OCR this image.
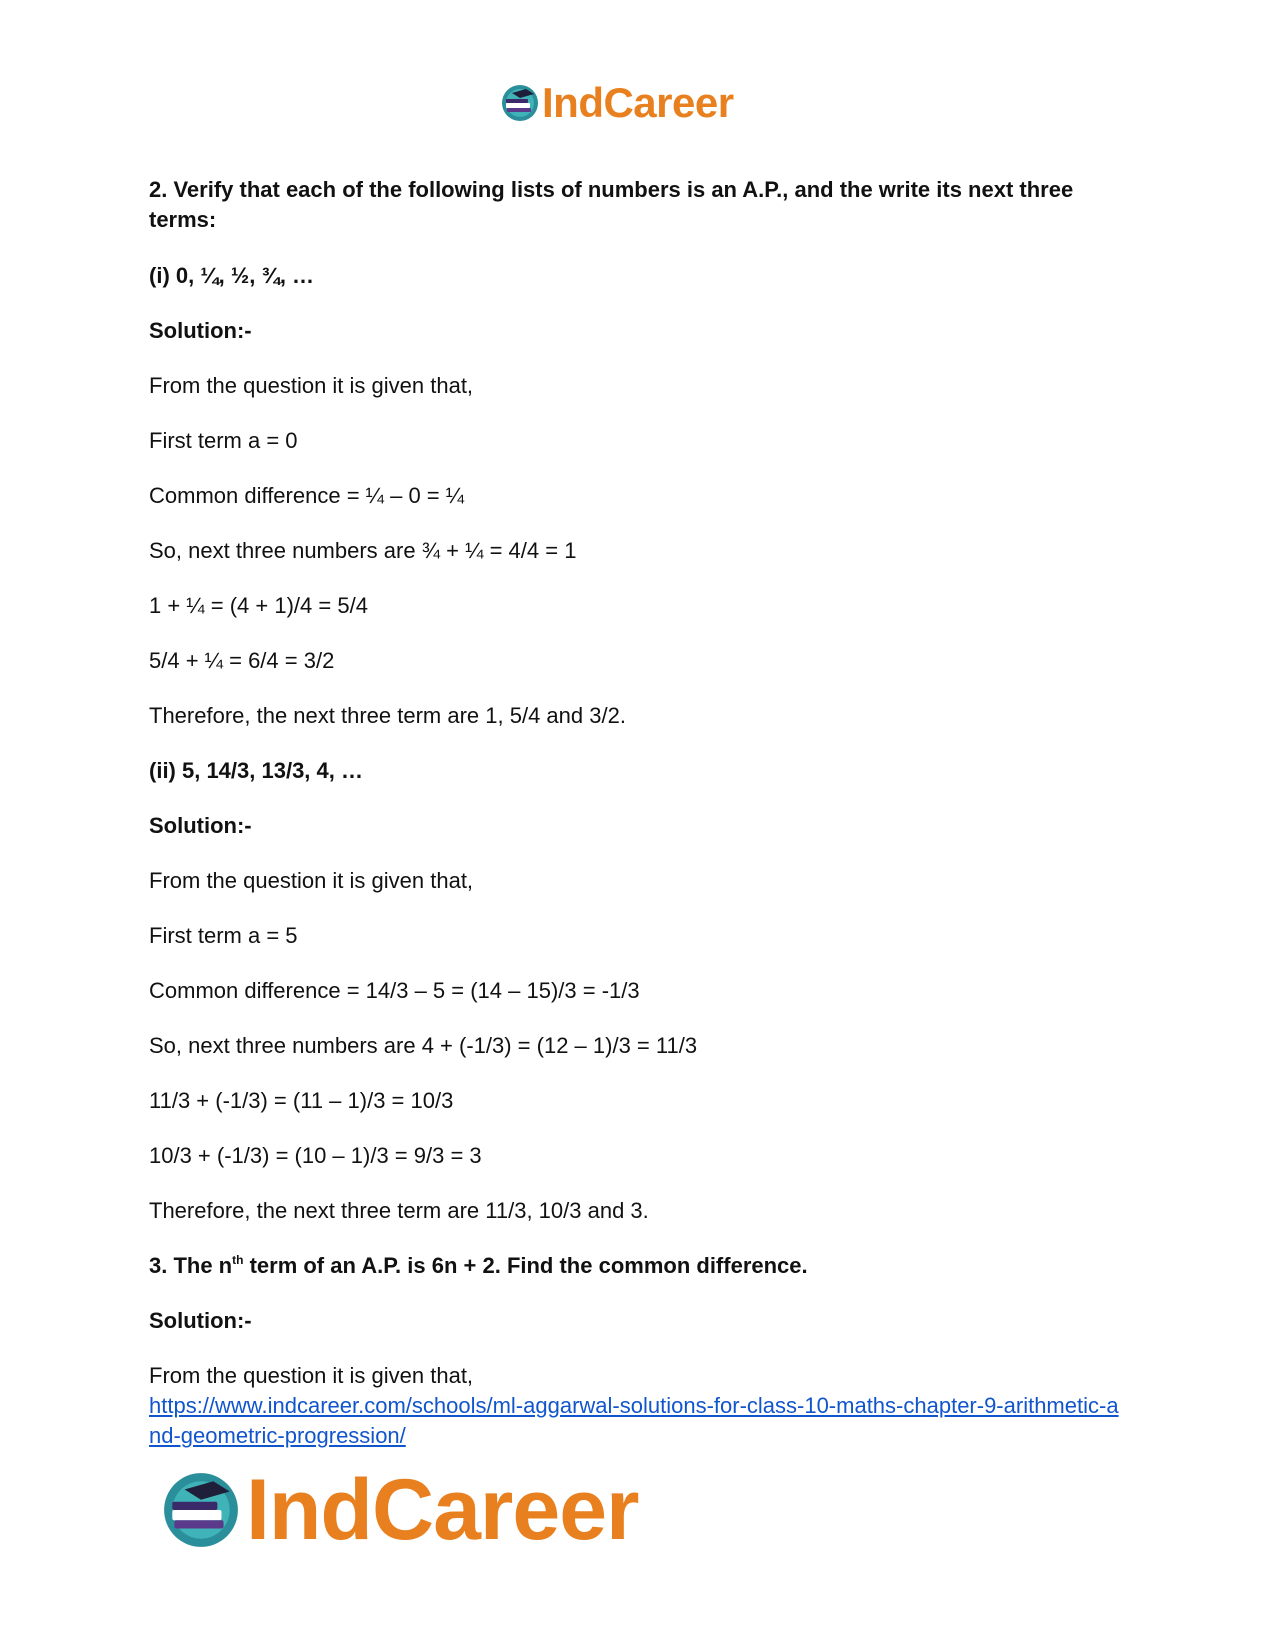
IndCareer
2. Verify that each of the following lists of numbers is an A.P., and the write its next three terms:
(i) 0, ¼, ½, ¾, …
Solution:-
From the question it is given that,
First term a = 0
Common difference = ¼ – 0 = ¼
So, next three numbers are ¾ + ¼ = 4/4 = 1
1 + ¼ = (4 + 1)/4 = 5/4
5/4 + ¼ = 6/4 = 3/2
Therefore, the next three term are 1, 5/4 and 3/2.
(ii) 5, 14/3, 13/3, 4, …
Solution:-
From the question it is given that,
First term a = 5
Common difference = 14/3 – 5 = (14 – 15)/3 = -1/3
So, next three numbers are 4 + (-1/3) = (12 – 1)/3 = 11/3
11/3 + (-1/3) = (11 – 1)/3 = 10/3
10/3 + (-1/3) = (10 – 1)/3 = 9/3 = 3
Therefore, the next three term are 11/3, 10/3 and 3.
3. The $n^{th}$ term of an A.P. is 6n + 2. Find the common difference.
Solution:-
From the question it is given that,
https://www.indcareer.com/schools/ml-aggarwal-solutions-for-class-10-maths-chapter-9-arithmetic-and-geometric-progression/
IndCareer
